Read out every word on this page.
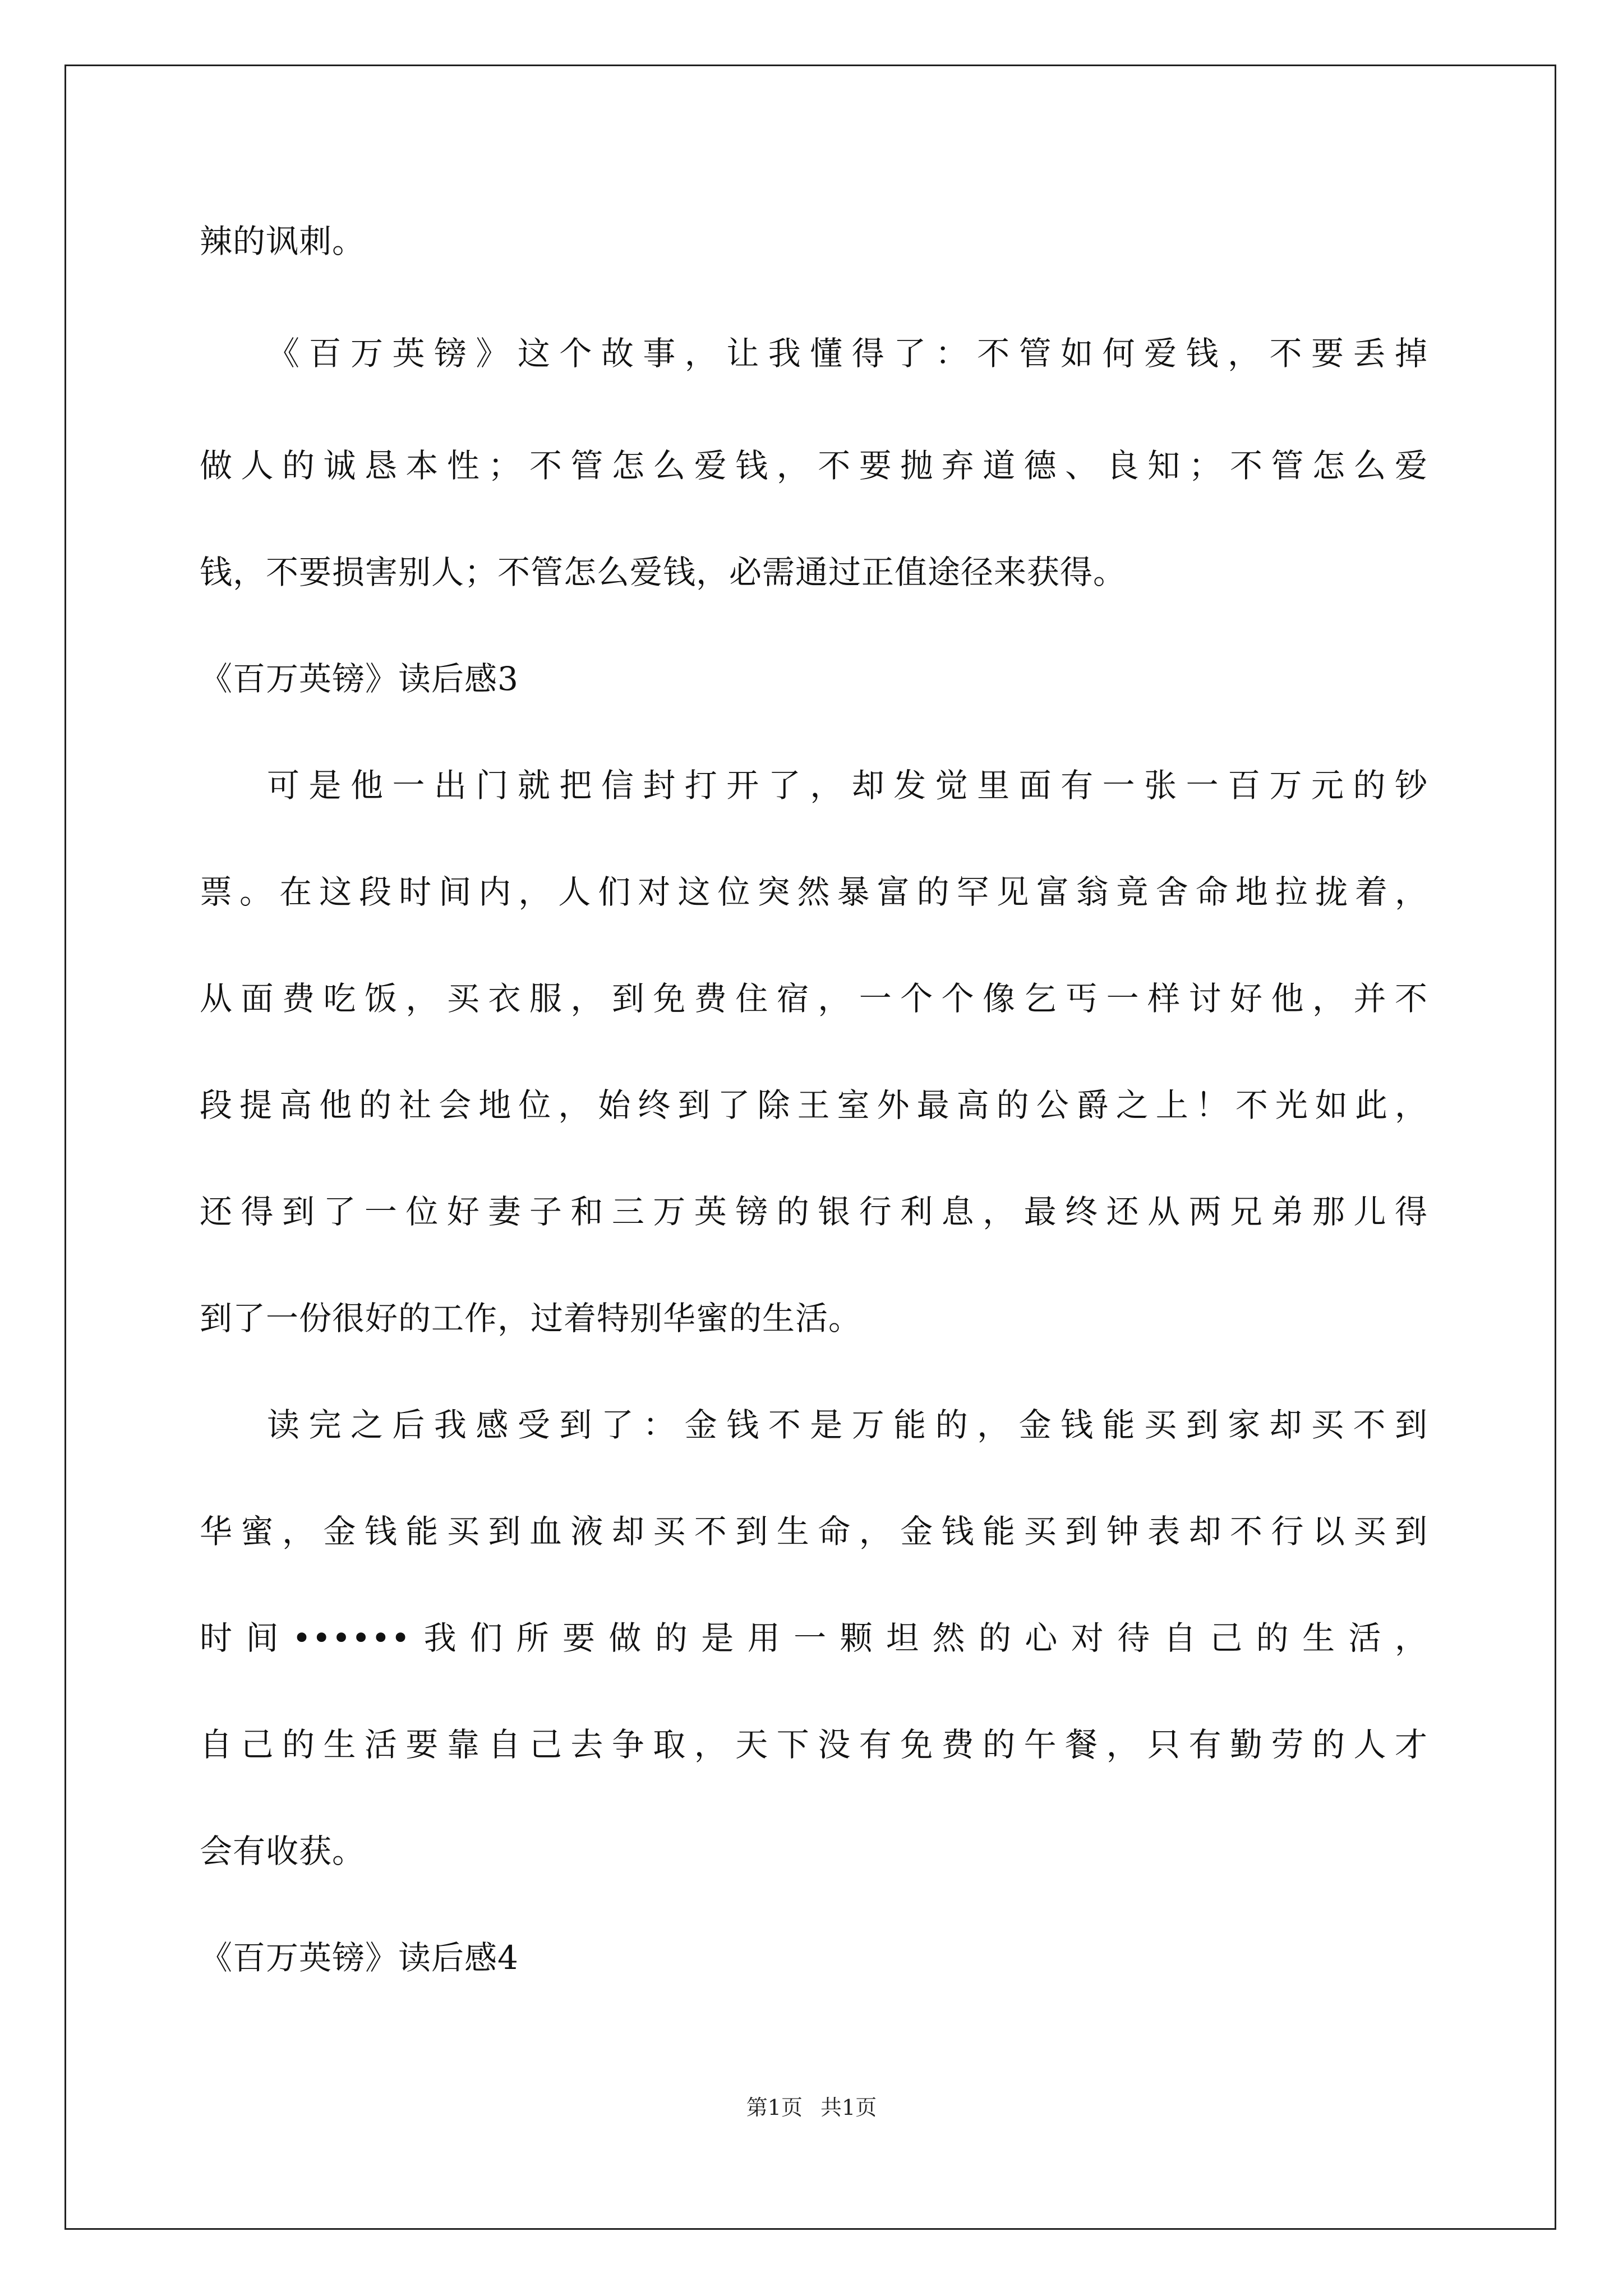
辣的讽刺。
《百万英镑》这个故事，让我懂得了：不管如何爱钱，不要丢掉
做人的诚恳本性；不管怎么爱钱，不要抛弃道德、良知；不管怎么爱
钱，不要损害别人；不管怎么爱钱，必需通过正值途径来获得。
《百万英镑》读后感3
可是他一出门就把信封打开了，却发觉里面有一张一百万元的钞
票。在这段时间内，人们对这位突然暴富的罕见富翁竟舍命地拉拢着，
从面费吃饭，买衣服，到免费住宿，一个个像乞丐一样讨好他，并不
段提高他的社会地位，始终到了除王室外最高的公爵之上！不光如此，
还得到了一位好妻子和三万英镑的银行利息，最终还从两兄弟那儿得
到了一份很好的工作，过着特别华蜜的生活。
读完之后我感受到了：金钱不是万能的，金钱能买到家却买不到
华蜜，金钱能买到血液却买不到生命，金钱能买到钟表却不行以买到
时间••••••我们所要做的是用一颗坦然的心对待自己的生活，
自己的生活要靠自己去争取，天下没有免费的午餐，只有勤劳的人才
会有收获。
《百万英镑》读后感4
第1页 共1页
